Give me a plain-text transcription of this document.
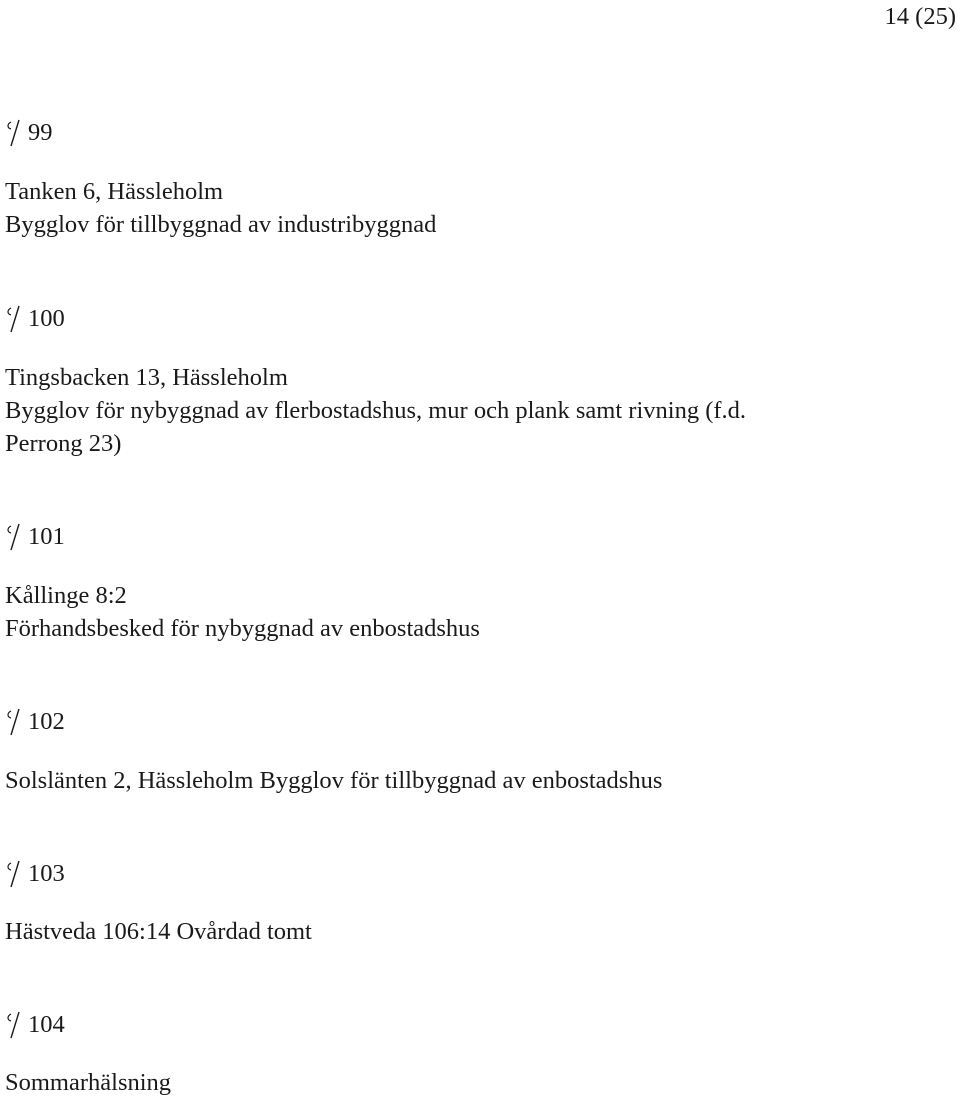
14 (25)
99
Tanken 6, Hässleholm
Bygglov för tillbyggnad av industribyggnad
100
Tingsbacken 13, Hässleholm
Bygglov för nybyggnad av flerbostadshus, mur och plank samt rivning (f.d.
Perrong 23)
101
Kållinge 8:2
Förhandsbesked för nybyggnad av enbostadshus
102
Solslänten 2, Hässleholm Bygglov för tillbyggnad av enbostadshus
103
Hästveda 106:14 Ovårdad tomt
104
Sommarhälsning
